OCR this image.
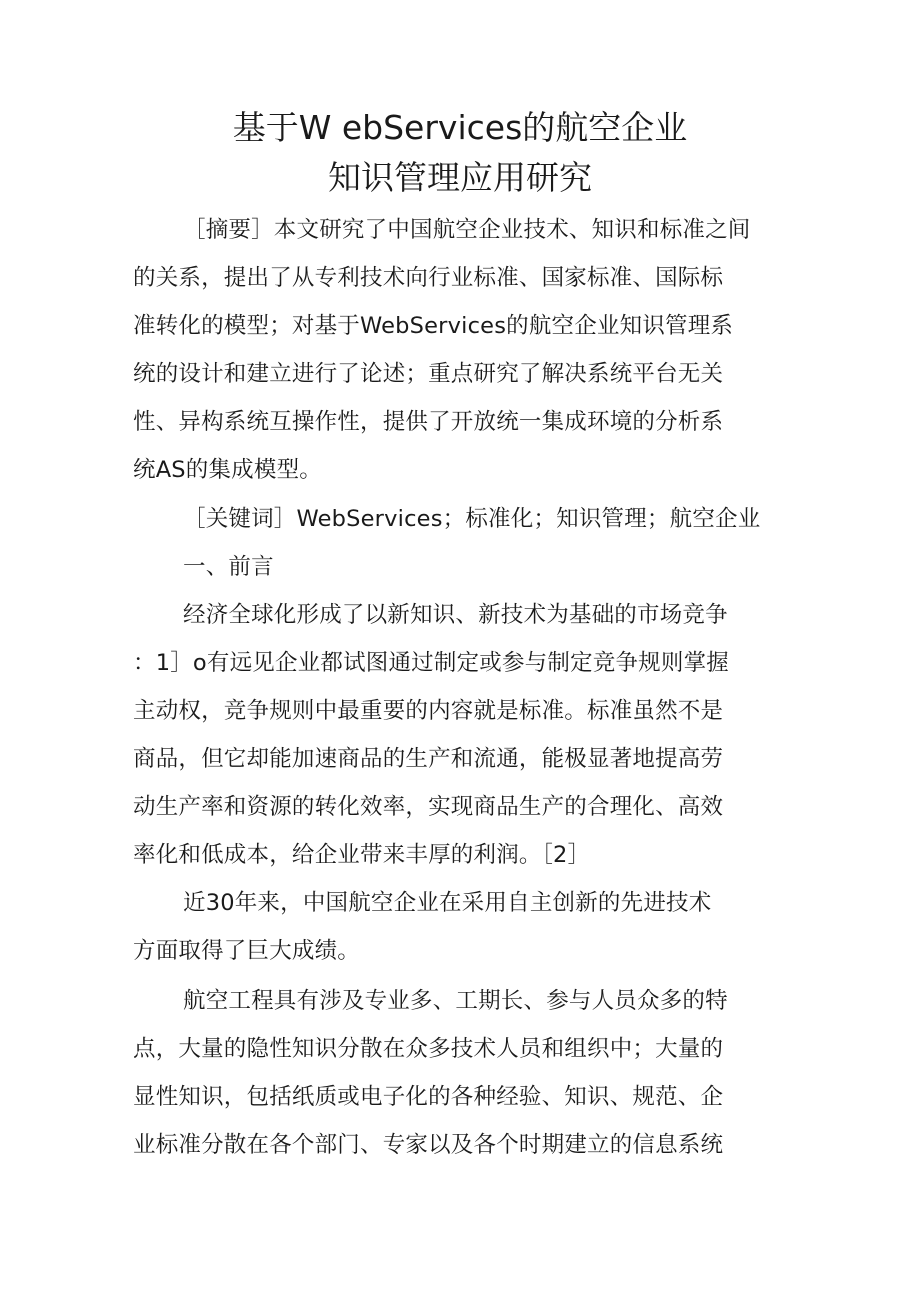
基于W ebServices的航空企业
知识管理应用研究
［摘要］本文研究了中国航空企业技术、知识和标准之间
的关系，提出了从专利技术向行业标准、国家标准、国际标
准转化的模型；对基于WebServices的航空企业知识管理系
统的设计和建立进行了论述；重点研究了解决系统平台无关
性、异构系统互操作性，提供了开放统一集成环境的分析系
统AS的集成模型。
［关键词］WebServices；标准化；知识管理；航空企业
一、前言
经济全球化形成了以新知识、新技术为基础的市场竞争
：1］o有远见企业都试图通过制定或参与制定竞争规则掌握
主动权，竞争规则中最重要的内容就是标准。标准虽然不是
商品，但它却能加速商品的生产和流通，能极显著地提高劳
动生产率和资源的转化效率，实现商品生产的合理化、高效
率化和低成本，给企业带来丰厚的利润。［2］
近30年来，中国航空企业在采用自主创新的先进技术
方面取得了巨大成绩。
航空工程具有涉及专业多、工期长、参与人员众多的特
点，大量的隐性知识分散在众多技术人员和组织中；大量的
显性知识，包括纸质或电子化的各种经验、知识、规范、企
业标准分散在各个部门、专家以及各个时期建立的信息系统
